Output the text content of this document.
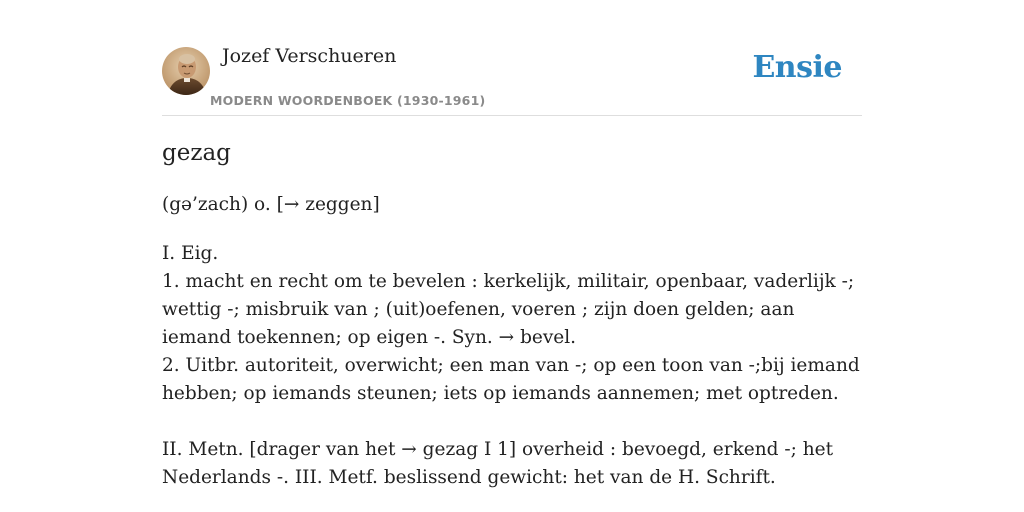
Jozef Verschueren
MODERN WOORDENBOEK (1930-1961)
Ensie
gezag
(gə’zach) o. [→ zeggen]

I. Eig.

1. macht en recht om te bevelen : kerkelijk, militair, openbaar, vaderlijk -; wettig -; misbruik van ; (uit)oefenen, voeren ; zijn doen gelden; aan iemand toekennen; op eigen -. Syn. → bevel.

2. Uitbr. autoriteit, overwicht; een man van -; op een toon van -;bij iemand hebben; op iemands steunen; iets op iemands aannemen; met optreden.

II. Metn. [drager van het → gezag I 1] overheid : bevoegd, erkend -; het Nederlands -. III. Metf. beslissend gewicht: het van de H. Schrift.
